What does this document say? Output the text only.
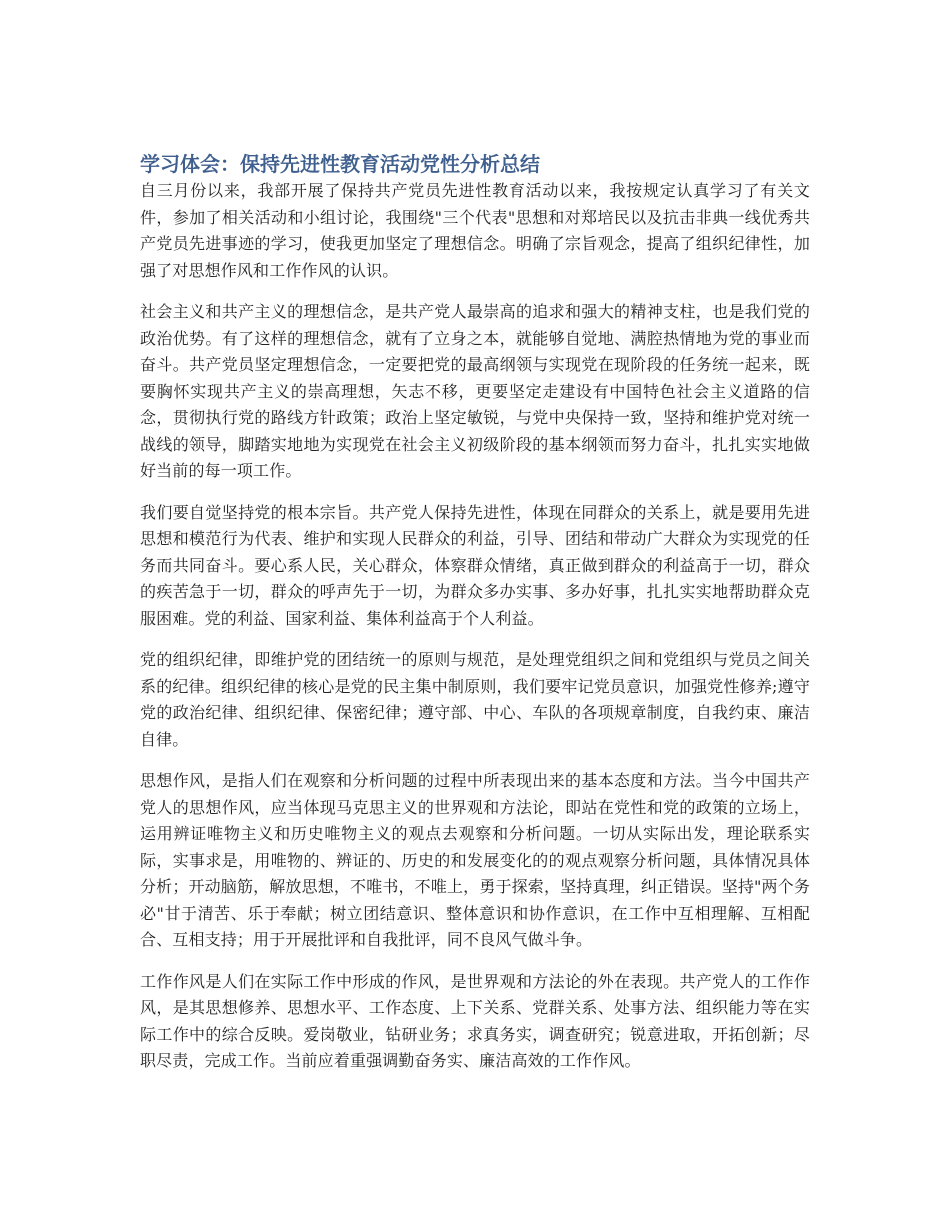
学习体会：保持先进性教育活动党性分析总结

自三月份以来，我部开展了保持共产党员先进性教育活动以来，我按规定认真学习了有关文件，参加了相关活动和小组讨论，我围绕"三个代表"思想和对郑培民以及抗击非典一线优秀共产党员先进事迹的学习，使我更加坚定了理想信念。明确了宗旨观念，提高了组织纪律性，加强了对思想作风和工作作风的认识。

社会主义和共产主义的理想信念，是共产党人最崇高的追求和强大的精神支柱，也是我们党的政治优势。有了这样的理想信念，就有了立身之本，就能够自觉地、满腔热情地为党的事业而奋斗。共产党员坚定理想信念，一定要把党的最高纲领与实现党在现阶段的任务统一起来，既要胸怀实现共产主义的崇高理想，矢志不移，更要坚定走建设有中国特色社会主义道路的信念，贯彻执行党的路线方针政策；政治上坚定敏锐，与党中央保持一致，坚持和维护党对统一战线的领导，脚踏实地地为实现党在社会主义初级阶段的基本纲领而努力奋斗，扎扎实实地做好当前的每一项工作。

我们要自觉坚持党的根本宗旨。共产党人保持先进性，体现在同群众的关系上，就是要用先进思想和模范行为代表、维护和实现人民群众的利益，引导、团结和带动广大群众为实现党的任务而共同奋斗。要心系人民，关心群众，体察群众情绪，真正做到群众的利益高于一切，群众的疾苦急于一切，群众的呼声先于一切，为群众多办实事、多办好事，扎扎实实地帮助群众克服困难。党的利益、国家利益、集体利益高于个人利益。

党的组织纪律，即维护党的团结统一的原则与规范，是处理党组织之间和党组织与党员之间关系的纪律。组织纪律的核心是党的民主集中制原则，我们要牢记党员意识，加强党性修养;遵守党的政治纪律、组织纪律、保密纪律；遵守部、中心、车队的各项规章制度，自我约束、廉洁自律。

思想作风，是指人们在观察和分析问题的过程中所表现出来的基本态度和方法。当今中国共产党人的思想作风，应当体现马克思主义的世界观和方法论，即站在党性和党的政策的立场上，运用辨证唯物主义和历史唯物主义的观点去观察和分析问题。一切从实际出发，理论联系实际，实事求是，用唯物的、辨证的、历史的和发展变化的的观点观察分析问题，具体情况具体分析；开动脑筋，解放思想，不唯书，不唯上，勇于探索，坚持真理，纠正错误。坚持"两个务必"甘于清苦、乐于奉献；树立团结意识、整体意识和协作意识，在工作中互相理解、互相配合、互相支持；用于开展批评和自我批评，同不良风气做斗争。

工作作风是人们在实际工作中形成的作风，是世界观和方法论的外在表现。共产党人的工作作风，是其思想修养、思想水平、工作态度、上下关系、党群关系、处事方法、组织能力等在实际工作中的综合反映。爱岗敬业，钻研业务；求真务实，调查研究；锐意进取，开拓创新；尽职尽责，完成工作。当前应着重强调勤奋务实、廉洁高效的工作作风。
